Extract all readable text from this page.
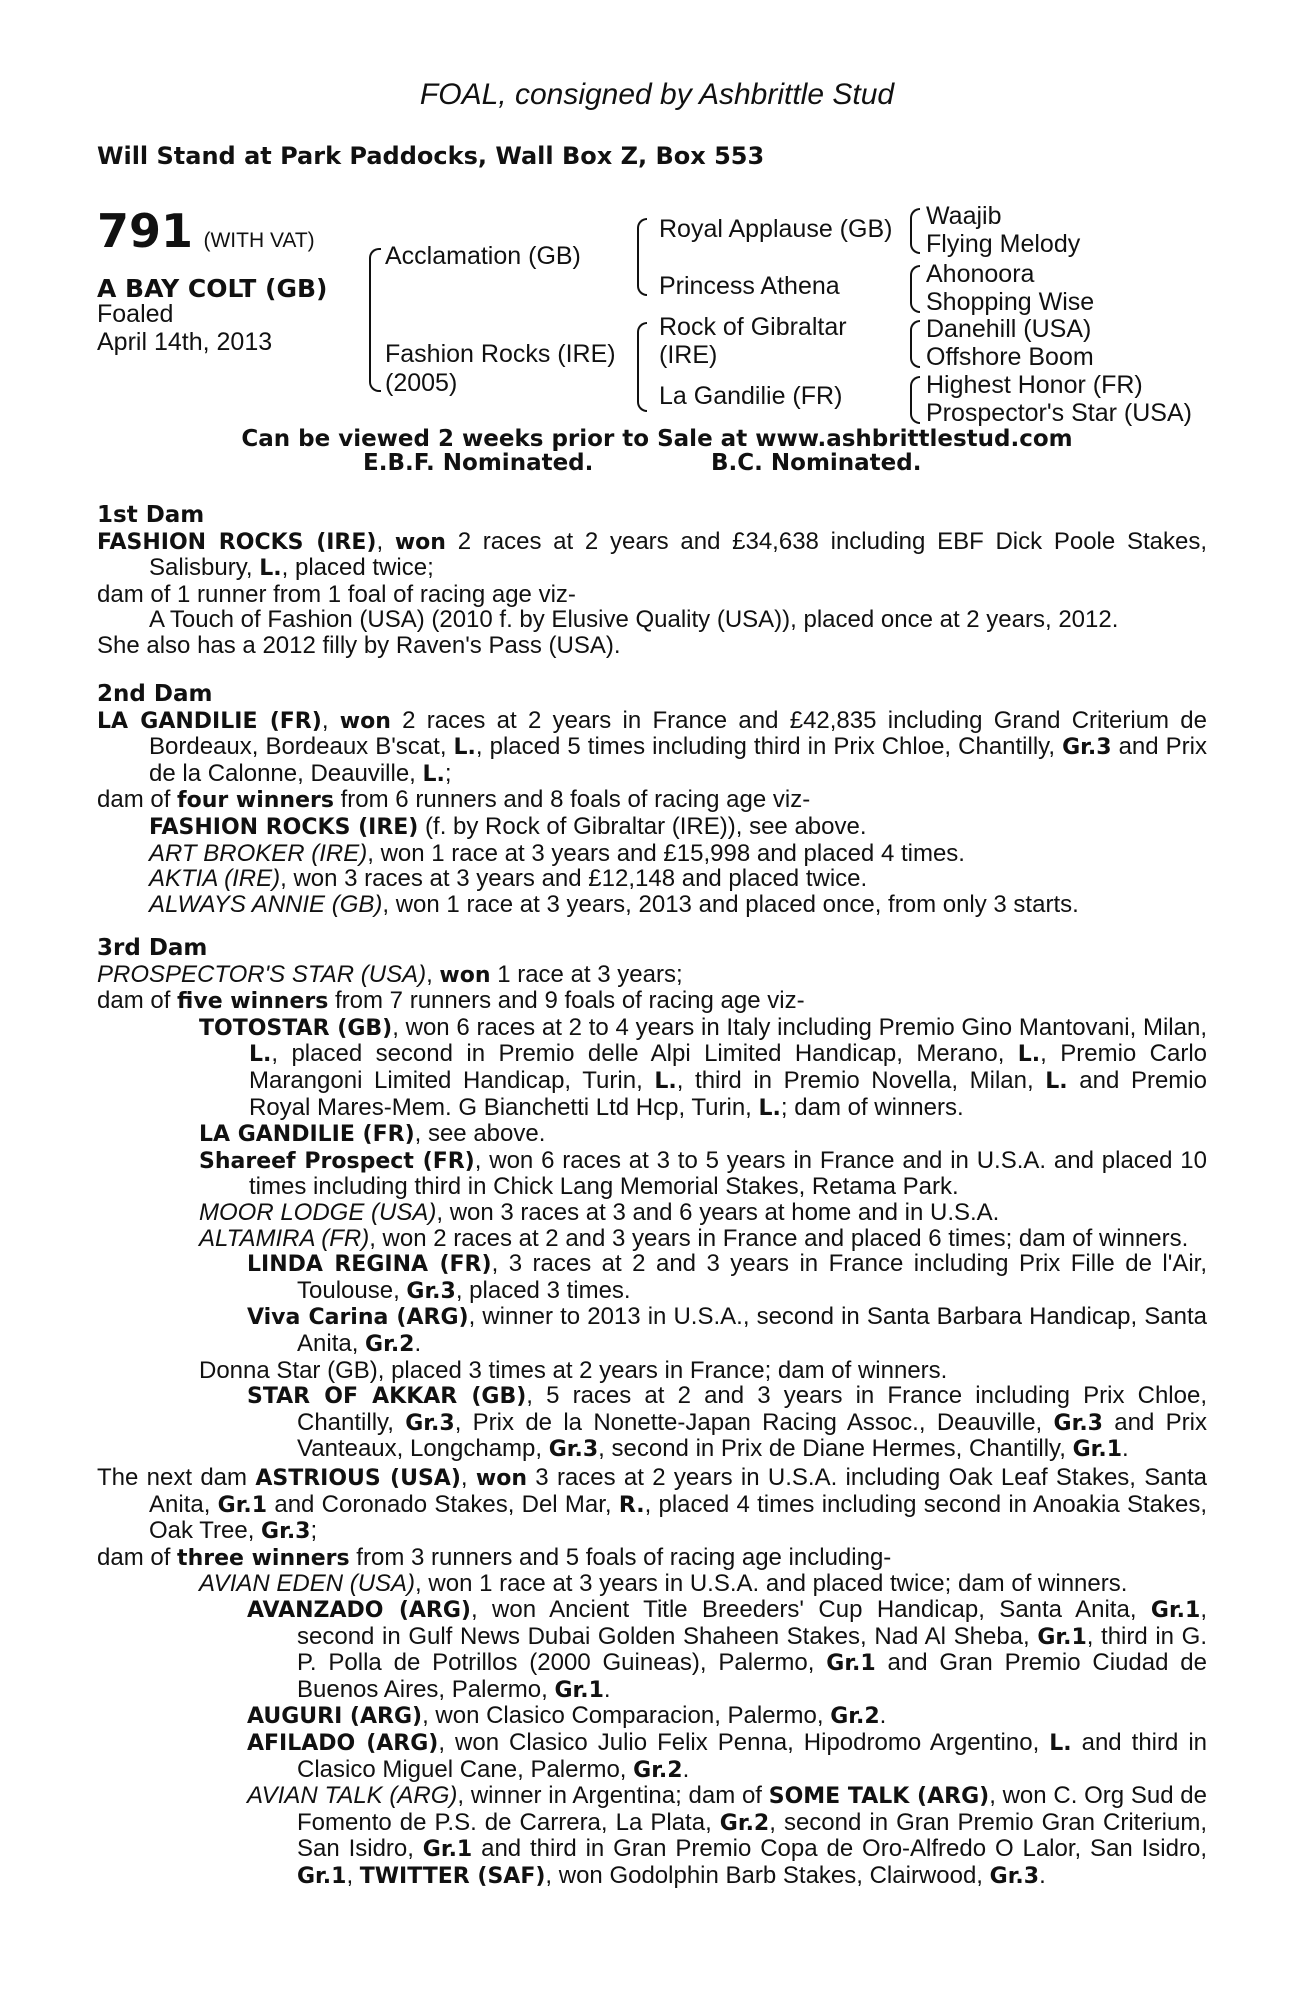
FOAL, consigned by Ashbrittle Stud
Will Stand at Park Paddocks, Wall Box Z, Box 553
791 (WITH VAT)
A BAY COLT (GB)
Foaled
April 14th, 2013
Acclamation (GB)
Fashion Rocks (IRE)
(2005)
Royal Applause (GB)
Princess Athena
Rock of Gibraltar
(IRE)
La Gandilie (FR)
Waajib
Flying Melody
Ahonoora
Shopping Wise
Danehill (USA)
Offshore Boom
Highest Honor (FR)
Prospector's Star (USA)
Can be viewed 2 weeks prior to Sale at www.ashbrittlestud.com
E.B.F. Nominated.	B.C. Nominated.

1st Dam

FASHION ROCKS (IRE), won 2 races at 2 years and £34,638 including EBF Dick Poole Stakes, Salisbury, L., placed twice;

dam of 1 runner from 1 foal of racing age viz-

A Touch of Fashion (USA) (2010 f. by Elusive Quality (USA)), placed once at 2 years, 2012.

She also has a 2012 filly by Raven's Pass (USA).

2nd Dam

LA GANDILIE (FR), won 2 races at 2 years in France and £42,835 including Grand Criterium de Bordeaux, Bordeaux B'scat, L., placed 5 times including third in Prix Chloe, Chantilly, Gr.3 and Prix de la Calonne, Deauville, L.;

dam of four winners from 6 runners and 8 foals of racing age viz-

FASHION ROCKS (IRE) (f. by Rock of Gibraltar (IRE)), see above.

ART BROKER (IRE), won 1 race at 3 years and £15,998 and placed 4 times.

AKTIA (IRE), won 3 races at 3 years and £12,148 and placed twice.

ALWAYS ANNIE (GB), won 1 race at 3 years, 2013 and placed once, from only 3 starts.

3rd Dam

PROSPECTOR'S STAR (USA), won 1 race at 3 years;

dam of five winners from 7 runners and 9 foals of racing age viz-

TOTOSTAR (GB), won 6 races at 2 to 4 years in Italy including Premio Gino Mantovani, Milan, L., placed second in Premio delle Alpi Limited Handicap, Merano, L., Premio Carlo Marangoni Limited Handicap, Turin, L., third in Premio Novella, Milan, L. and Premio Royal Mares-Mem. G Bianchetti Ltd Hcp, Turin, L.; dam of winners.

LA GANDILIE (FR), see above.

Shareef Prospect (FR), won 6 races at 3 to 5 years in France and in U.S.A. and placed 10 times including third in Chick Lang Memorial Stakes, Retama Park.

MOOR LODGE (USA), won 3 races at 3 and 6 years at home and in U.S.A.

ALTAMIRA (FR), won 2 races at 2 and 3 years in France and placed 6 times; dam of winners.

LINDA REGINA (FR), 3 races at 2 and 3 years in France including Prix Fille de l'Air, Toulouse, Gr.3, placed 3 times.

Viva Carina (ARG), winner to 2013 in U.S.A., second in Santa Barbara Handicap, Santa Anita, Gr.2.

Donna Star (GB), placed 3 times at 2 years in France; dam of winners.

STAR OF AKKAR (GB), 5 races at 2 and 3 years in France including Prix Chloe, Chantilly, Gr.3, Prix de la Nonette-Japan Racing Assoc., Deauville, Gr.3 and Prix Vanteaux, Longchamp, Gr.3, second in Prix de Diane Hermes, Chantilly, Gr.1.

The next dam ASTRIOUS (USA), won 3 races at 2 years in U.S.A. including Oak Leaf Stakes, Santa Anita, Gr.1 and Coronado Stakes, Del Mar, R., placed 4 times including second in Anoakia Stakes, Oak Tree, Gr.3;

dam of three winners from 3 runners and 5 foals of racing age including-

AVIAN EDEN (USA), won 1 race at 3 years in U.S.A. and placed twice; dam of winners.

AVANZADO (ARG), won Ancient Title Breeders' Cup Handicap, Santa Anita, Gr.1, second in Gulf News Dubai Golden Shaheen Stakes, Nad Al Sheba, Gr.1, third in G. P. Polla de Potrillos (2000 Guineas), Palermo, Gr.1 and Gran Premio Ciudad de Buenos Aires, Palermo, Gr.1.

AUGURI (ARG), won Clasico Comparacion, Palermo, Gr.2.

AFILADO (ARG), won Clasico Julio Felix Penna, Hipodromo Argentino, L. and third in Clasico Miguel Cane, Palermo, Gr.2.

AVIAN TALK (ARG), winner in Argentina; dam of SOME TALK (ARG), won C. Org Sud de Fomento de P.S. de Carrera, La Plata, Gr.2, second in Gran Premio Gran Criterium, San Isidro, Gr.1 and third in Gran Premio Copa de Oro-Alfredo O Lalor, San Isidro, Gr.1, TWITTER (SAF), won Godolphin Barb Stakes, Clairwood, Gr.3.
